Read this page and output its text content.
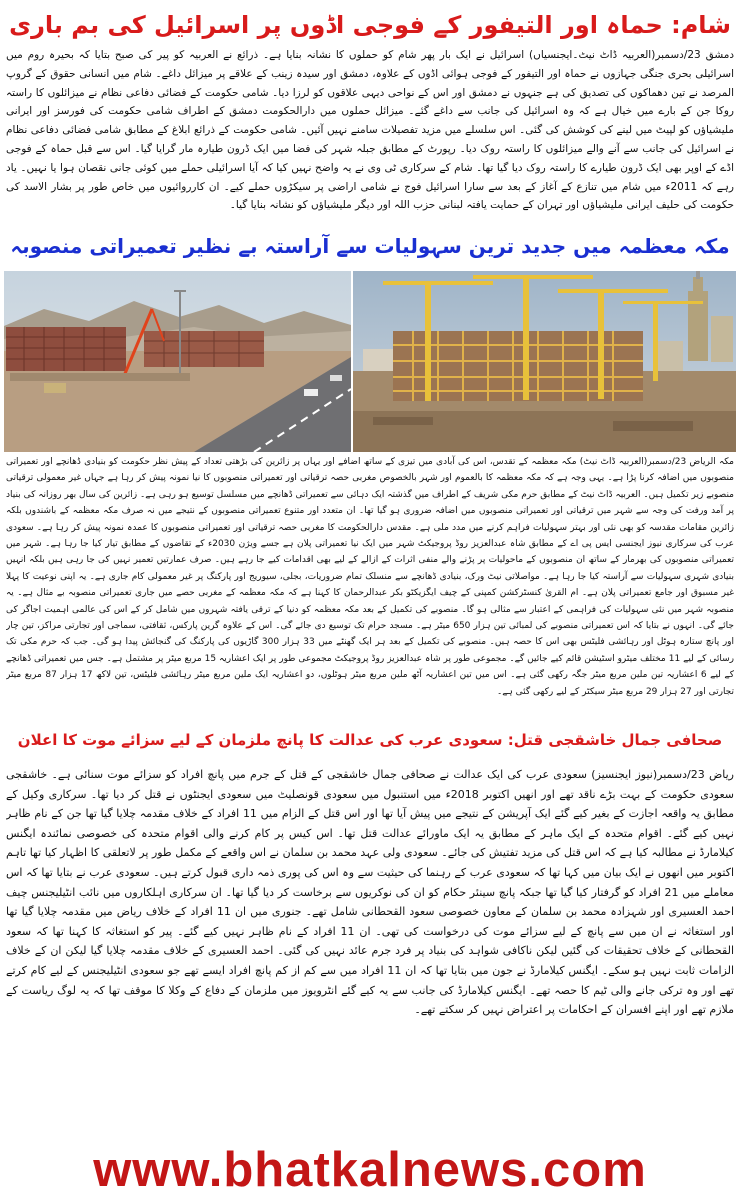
شام: حماہ اور التیفور کے فوجی اڈوں پر اسرائیل کی بم باری

دمشق 23/دسمبر(العربیہ ڈاٹ نیٹ۔ایجنسیاں) اسرائیل نے ایک بار پھر شام کو حملوں کا نشانہ بنایا ہے۔ ذرائع نے العربیہ کو پیر کی صبح بتایا کہ بحیرہ روم میں اسرائیلی بحری جنگی جہازوں نے حماہ اور التیفور کے فوجی ہوائی اڈوں کے علاوہ، دمشق اور سیدہ زینب کے علاقے پر میزائل داغے۔ شام میں انسانی حقوق کے گروپ المرصد نے تین دھماکوں کی تصدیق کی ہے جنہوں نے دمشق اور اس کے نواحی دیہی علاقوں کو لرزا دیا۔ شامی حکومت کے فضائی دفاعی نظام نے میزائلوں کا راستہ روکا جن کے بارے میں خیال ہے کہ وہ اسرائیل کی جانب سے داغے گئے۔ میزائل حملوں میں دارالحکومت دمشق کے اطراف شامی حکومت کی فورسز اور ایرانی ملیشیاؤں کو لپیٹ میں لینے کی کوشش کی گئی۔ اس سلسلے میں مزید تفصیلات سامنے نہیں آئیں۔ شامی حکومت کے ذرائع ابلاغ کے مطابق شامی فضائی دفاعی نظام نے اسرائیل کی جانب سے آنے والے میزائلوں کا راستہ روک دیا۔ رپورٹ کے مطابق جبلہ شہر کی فضا میں ایک ڈرون طیارہ مار گرایا گیا۔ اس سے قبل حماہ کے فوجی اڈے کے اوپر بھی ایک ڈرون طیارے کا راستہ روک دیا گیا تھا۔ شام کے سرکاری ٹی وی نے یہ واضح نہیں کیا کہ آیا اسرائیلی حملے میں کوئی جانی نقصان ہوا یا نہیں۔ یاد رہے کہ 2011ء میں شام میں تنازع کے آغاز کے بعد سے سارا اسرائیل فوج نے شامی اراضی پر سیکڑوں حملے کیے۔ ان کارروائیوں میں خاص طور پر بشار الاسد کی حکومت کی حلیف ایرانی ملیشیاؤں اور تہران کے حمایت یافتہ لبنانی حزب اللہ اور دیگر ملیشیاؤں کو نشانہ بنایا گیا۔

مکہ معظمہ میں جدید ترین سہولیات سے آراستہ بے نظیر تعمیراتی منصوبہ

مکہ الریاض 23/دسمبر(العربیہ ڈاٹ نیٹ) مکہ معظمہ کے تقدس، اس کی آبادی میں تیزی کے ساتھ اضافے اور یہاں پر زائرین کی بڑھتی تعداد کے پیش نظر حکومت کو بنیادی ڈھانچے اور تعمیراتی منصوبوں میں اضافہ کرنا پڑا ہے۔ یہی وجہ ہے کہ مکہ معظمہ کا بالعموم اور شہر بالخصوص مغربی حصہ ترقیاتی اور تعمیراتی منصوبوں کا نیا نمونہ پیش کر رہا ہے جہاں غیر معمولی ترقیاتی منصوبے زیر تکمیل ہیں۔ العربیہ ڈاٹ نیٹ کے مطابق حرم مکی شریف کے اطراف میں گذشتہ ایک دہائی سے تعمیراتی ڈھانچے میں مسلسل توسیع ہو رہی ہے۔ زائرین کی سال بھر روزانہ کی بنیاد پر آمد ورفت کی وجہ سے شہر میں ترقیاتی اور تعمیراتی منصوبوں میں اضافہ ضروری ہو گیا تھا۔ ان متعدد اور متنوع تعمیراتی منصوبوں کے نتیجے میں نہ صرف مکہ معظمہ کے باشندوں بلکہ زائرین مقامات مقدسہ کو بھی نئی اور بہتر سہولیات فراہم کرنے میں مدد ملی ہے۔ مقدس دارالحکومت کا مغربی حصہ ترقیاتی اور تعمیراتی منصوبوں کا عمدہ نمونہ پیش کر رہا ہے۔ سعودی عرب کی سرکاری نیوز ایجنسی ایس پی اے کے مطابق شاہ عبدالعزیز روڈ پروجیکٹ شہر میں ایک نیا تعمیراتی پلان ہے جسے ویژن 2030ء کے تقاضوں کے مطابق تیار کیا جا رہا ہے۔ شہر میں تعمیراتی منصوبوں کی بھرمار کے ساتھ ان منصوبوں کے ماحولیات پر پڑنے والے منفی اثرات کے ازالے کے لیے بھی اقدامات کیے جا رہے ہیں۔ صرف عمارتیں تعمیر نہیں کی جا رہی ہیں بلکہ انہیں بنیادی شہری سہولیات سے آراستہ کیا جا رہا ہے۔ مواصلاتی نیٹ ورک، بنیادی ڈھانچے سے منسلک تمام ضروریات، بجلی، سیوریج اور پارکنگ پر غیر معمولی کام جاری ہے۔ یہ اپنی نوعیت کا پہلا غیر مسبوق اور جامع تعمیراتی پلان ہے۔ ام القریٰ کنسٹرکشن کمپنی کے چیف ایگزیکٹو بکر عبدالرحمان کا کہنا ہے کہ مکہ معظمہ کے مغربی حصے میں جاری تعمیراتی منصوبہ بے مثال ہے۔ یہ منصوبہ شہر میں نئی سہولیات کی فراہمی کے اعتبار سے مثالی ہو گا۔ منصوبے کی تکمیل کے بعد مکہ معظمہ کو دنیا کے ترقی یافتہ شہروں میں شامل کر کے اس کی عالمی اہمیت اجاگر کی جائے گی۔ انہوں نے بتایا کہ اس تعمیراتی منصوبے کی لمبائی تین ہزار 650 میٹر ہے۔ مسجد حرام تک توسیع دی جائے گی۔ اس کے علاوہ گرین پارکس، ثقافتی، سماجی اور تجارتی مراکز، تین چار اور پانچ ستارہ ہوٹل اور رہائشی فلیٹس بھی اس کا حصہ ہیں۔ منصوبے کی تکمیل کے بعد ہر ایک گھنٹے میں 33 ہزار 300 گاڑیوں کی پارکنگ کی گنجائش پیدا ہو گی۔ جب کہ حرم مکی تک رسائی کے لیے 11 مختلف میٹرو اسٹیشن قائم کیے جائیں گے۔ مجموعی طور پر شاہ عبدالعزیز روڈ پروجیکٹ مجموعی طور پر ایک اعشاریہ 15 مربع میٹر پر مشتمل ہے۔ جس میں تعمیراتی ڈھانچے کے لیے 6 اعشاریہ تین ملین مربع میٹر جگہ رکھی گئی ہے۔ اس میں تین اعشاریہ آٹھ ملین مربع میٹر ہوٹلوں، دو اعشاریہ ایک ملین مربع میٹر رہائشی فلیٹس، تین لاکھ 17 ہزار 87 مربع میٹر تجارتی اور 27 ہزار 29 مربع میٹر سیکٹر کے لیے رکھی گئی ہے۔

صحافی جمال خاشقجی قتل: سعودی عرب کی عدالت کا پانچ ملزمان کے لیے سزائے موت کا اعلان

ریاض 23/دسمبر(نیوز ایجنسیز) سعودی عرب کی ایک عدالت نے صحافی جمال خاشقجی کے قتل کے جرم میں پانچ افراد کو سزائے موت سنائی ہے۔ خاشقجی سعودی حکومت کے بہت بڑے ناقد تھے اور انھیں اکتوبر 2018ء میں استنبول میں سعودی قونصلیٹ میں سعودی ایجنٹوں نے قتل کر دیا تھا۔ سرکاری وکیل کے مطابق یہ واقعہ اجازت کے بغیر کیے گئے ایک آپریشن کے نتیجے میں پیش آیا تھا اور اس قتل کے الزام میں 11 افراد کے خلاف مقدمہ چلایا گیا تھا جن کے نام ظاہر نہیں کیے گئے۔ اقوام متحدہ کے ایک ماہر کے مطابق یہ ایک ماورائے عدالت قتل تھا۔ اس کیس پر کام کرنے والی اقوام متحدہ کی خصوصی نمائندہ ایگنس کیلامارڈ نے مطالبہ کیا ہے کہ اس قتل کی مزید تفتیش کی جائے۔ سعودی ولی عہد محمد بن سلمان نے اس واقعے کے مکمل طور پر لاتعلقی کا اظہار کیا تھا تاہم اکتوبر میں انھوں نے ایک بیان میں کہا تھا کہ سعودی عرب کے رہنما کی حیثیت سے وہ اس کی پوری ذمہ داری قبول کرتے ہیں۔ سعودی عرب نے بتایا تھا کہ اس معاملے میں 21 افراد کو گرفتار کیا گیا تھا جبکہ پانچ سینئر حکام کو ان کی نوکریوں سے برخاست کر دیا گیا تھا۔ ان سرکاری اہلکاروں میں نائب انٹیلیجنس چیف احمد العسیری اور شہزادہ محمد بن سلمان کے معاون خصوصی سعود القحطانی شامل تھے۔ جنوری میں ان 11 افراد کے خلاف ریاض میں مقدمہ چلایا گیا تھا اور استغاثہ نے ان میں سے پانچ کے لیے سزائے موت کی درخواست کی تھی۔ ان 11 افراد کے نام ظاہر نہیں کیے گئے۔ پیر کو استغاثہ کا کہنا تھا کہ سعود القحطانی کے خلاف تحقیقات کی گئیں لیکن ناکافی شواہد کی بنیاد پر فرد جرم عائد نہیں کی گئی۔ احمد العسیری کے خلاف مقدمہ چلایا گیا لیکن ان کے خلاف الزامات ثابت نہیں ہو سکے۔ ایگنس کیلامارڈ نے جون میں بتایا تھا کہ ان 11 افراد میں سے کم از کم پانچ افراد ایسے تھے جو سعودی انٹیلیجنس کے لیے کام کرتے تھے اور وہ ترکی جانے والی ٹیم کا حصہ تھے۔ ایگنس کیلامارڈ کی جانب سے یہ کیے گئے انٹرویوز میں ملزمان کے دفاع کے وکلا کا موقف تھا کہ یہ لوگ ریاست کے ملازم تھے اور اپنے افسران کے احکامات پر اعتراض نہیں کر سکتے تھے۔

www.bhatkalnews.com
